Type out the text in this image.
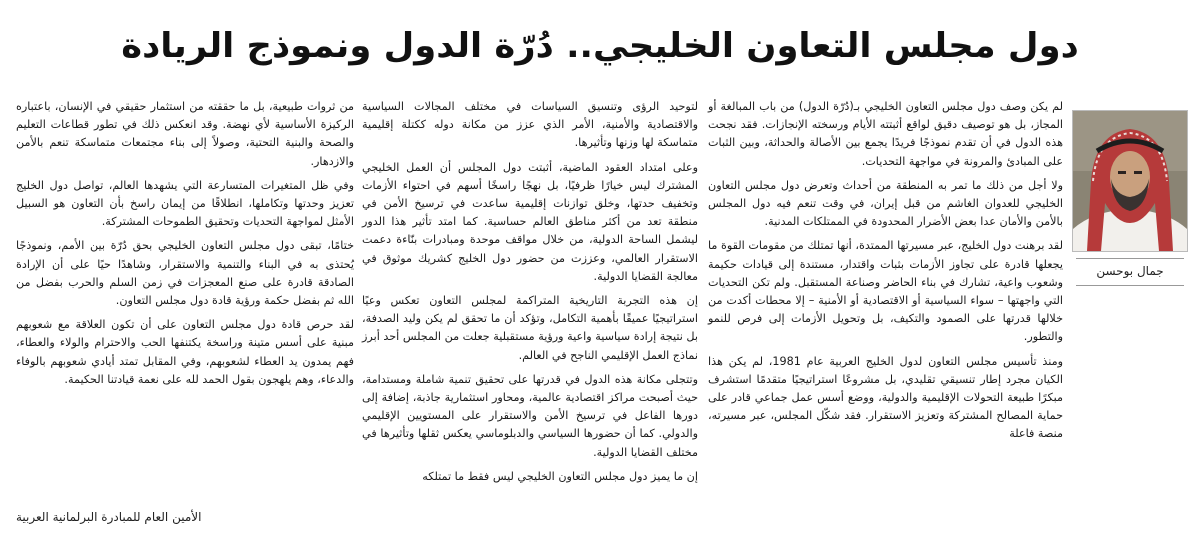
دول مجلس التعاون الخليجي.. دُرّة الدول ونموذج الريادة
جمال بوحسن

لم يكن وصف دول مجلس التعاون الخليجي بـ(دُرّة الدول) من باب المبالغة أو المجاز، بل هو توصيف دقيق لواقع أثبتته الأيام ورسخته الإنجازات. فقد نجحت هذه الدول في أن تقدم نموذجًا فريدًا يجمع بين الأصالة والحداثة، وبين الثبات على المبادئ والمرونة في مواجهة التحديات.

ولا أجل من ذلك ما تمر به المنطقة من أحداث وتعرض دول مجلس التعاون الخليجي للعدوان الغاشم من قبل إيران، في وقت تنعم فيه دول المجلس بالأمن والأمان عدا بعض الأضرار المحدودة في الممتلكات المدنية.

لقد برهنت دول الخليج، عبر مسيرتها الممتدة، أنها تمتلك من مقومات القوة ما يجعلها قادرة على تجاوز الأزمات بثبات واقتدار، مستندة إلى قيادات حكيمة وشعوب واعية، تشارك في بناء الحاضر وصناعة المستقبل. ولم تكن التحديات التي واجهتها – سواء السياسية أو الاقتصادية أو الأمنية – إلا محطات أكدت من خلالها قدرتها على الصمود والتكيف، بل وتحويل الأزمات إلى فرص للنمو والتطور.

ومنذ تأسيس مجلس التعاون لدول الخليج العربية عام 1981، لم يكن هذا الكيان مجرد إطار تنسيقي تقليدي، بل مشروعًا استراتيجيًا متقدمًا استشرف مبكرًا طبيعة التحولات الإقليمية والدولية، ووضع أسس عمل جماعي قادر على حماية المصالح المشتركة وتعزيز الاستقرار. فقد شكّل المجلس، عبر مسيرته، منصة فاعلة

لتوحيد الرؤى وتنسيق السياسات في مختلف المجالات السياسية والاقتصادية والأمنية، الأمر الذي عزز من مكانة دوله ككتلة إقليمية متماسكة لها وزنها وتأثيرها.

وعلى امتداد العقود الماضية، أثبتت دول المجلس أن العمل الخليجي المشترك ليس خيارًا ظرفيًا، بل نهجًا راسخًا أسهم في احتواء الأزمات وتخفيف حدتها، وخلق توازنات إقليمية ساعدت في ترسيخ الأمن في منطقة تعد من أكثر مناطق العالم حساسية. كما امتد تأثير هذا الدور ليشمل الساحة الدولية، من خلال مواقف موحدة ومبادرات بنّاءة دعمت الاستقرار العالمي، وعززت من حضور دول الخليج كشريك موثوق في معالجة القضايا الدولية.

إن هذه التجربة التاريخية المتراكمة لمجلس التعاون تعكس وعيًا استراتيجيًا عميقًا بأهمية التكامل، وتؤكد أن ما تحقق لم يكن وليد الصدفة، بل نتيجة إرادة سياسية واعية ورؤية مستقبلية جعلت من المجلس أحد أبرز نماذج العمل الإقليمي الناجح في العالم.

وتتجلى مكانة هذه الدول في قدرتها على تحقيق تنمية شاملة ومستدامة، حيث أصبحت مراكز اقتصادية عالمية، ومحاور استثمارية جاذبة، إضافة إلى دورها الفاعل في ترسيخ الأمن والاستقرار على المستويين الإقليمي والدولي. كما أن حضورها السياسي والدبلوماسي يعكس ثقلها وتأثيرها في مختلف القضايا الدولية.

إن ما يميز دول مجلس التعاون الخليجي ليس فقط ما تمتلكه

من ثروات طبيعية، بل ما حققته من استثمار حقيقي في الإنسان، باعتباره الركيزة الأساسية لأي نهضة. وقد انعكس ذلك في تطور قطاعات التعليم والصحة والبنية التحتية، وصولاً إلى بناء مجتمعات متماسكة تنعم بالأمن والازدهار.

وفي ظل المتغيرات المتسارعة التي يشهدها العالم، تواصل دول الخليج تعزيز وحدتها وتكاملها، انطلاقًا من إيمان راسخ بأن التعاون هو السبيل الأمثل لمواجهة التحديات وتحقيق الطموحات المشتركة.

ختامًا، تبقى دول مجلس التعاون الخليجي بحق دُرّة بين الأمم، ونموذجًا يُحتذى به في البناء والتنمية والاستقرار، وشاهدًا حيًا على أن الإرادة الصادقة قادرة على صنع المعجزات في زمن السلم والحرب بفضل من الله ثم بفضل حكمة ورؤية قادة دول مجلس التعاون.

لقد حرص قادة دول مجلس التعاون على أن تكون العلاقة مع شعوبهم مبنية على أسس متينة وراسخة يكتنفها الحب والاحترام والولاء والعطاء، فهم يمدون يد العطاء لشعوبهم، وفي المقابل تمتد أيادي شعوبهم بالوفاء والدعاء، وهم يلهجون بقول الحمد لله على نعمة قيادتنا الحكيمة.

الأمين العام للمبادرة البرلمانية العربية
